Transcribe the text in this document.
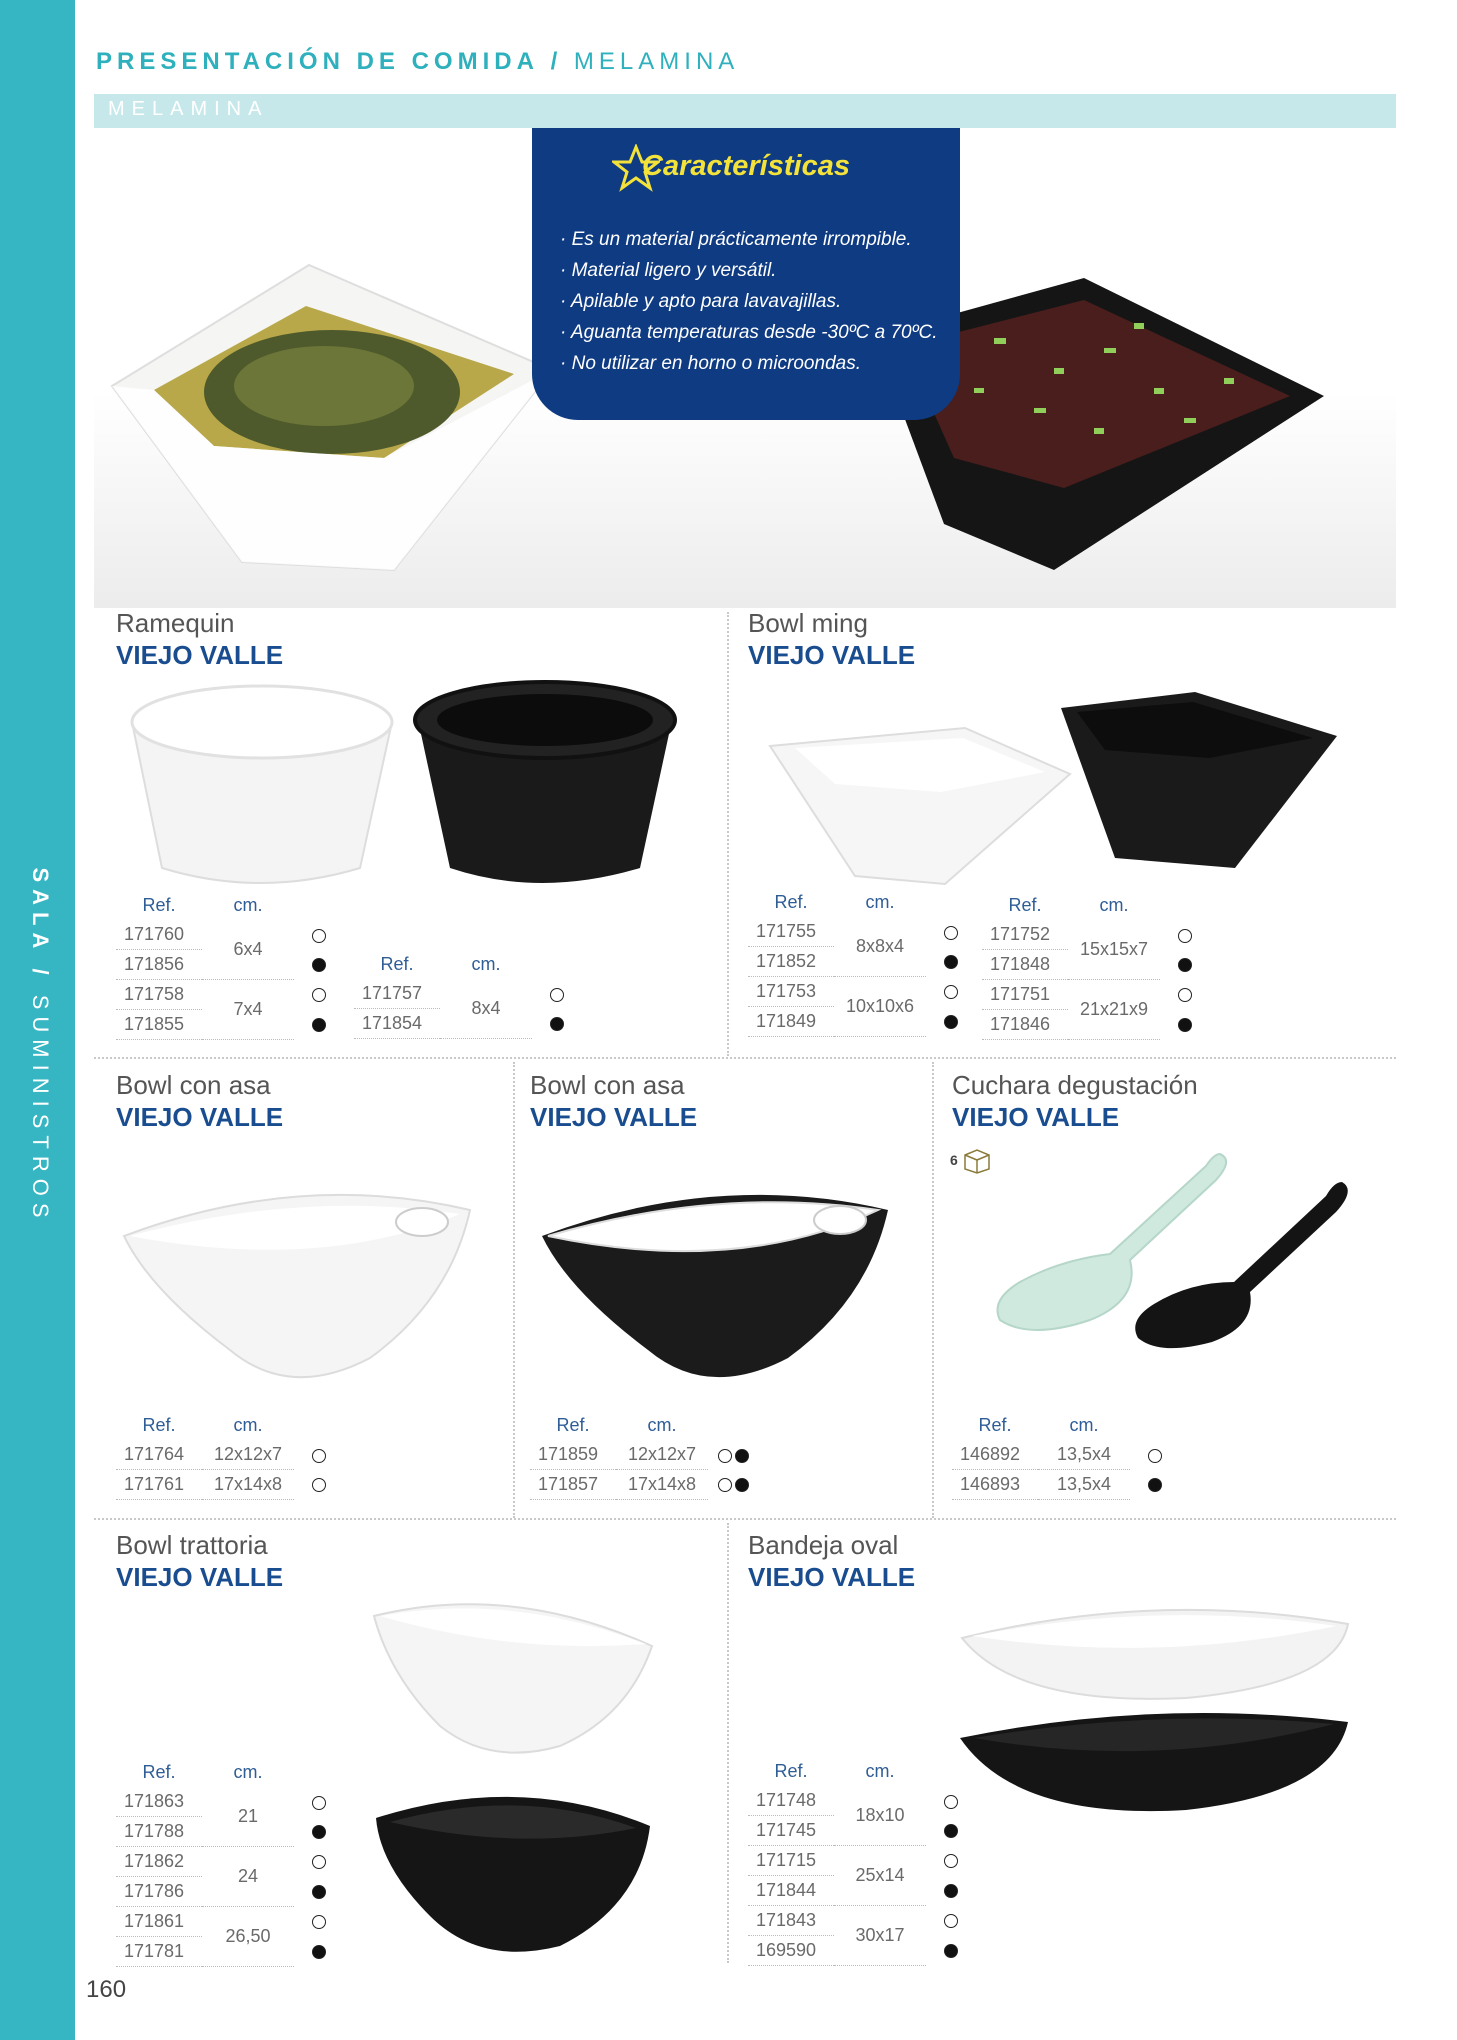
SALA / SUMINISTROS
PRESENTACIÓN DE COMIDA / MELAMINA
MELAMINA
Características
· Es un material prácticamente irrompible.
· Material ligero y versátil.
· Apilable y apto para lavavajillas.
· Aguanta temperaturas desde -30ºC a 70ºC.
· No utilizar en horno o microondas.
Ramequin
VIEJO VALLE
Ref.	cm.	
171760	6x4	
171856		
171758	7x4	
171855		
Ref.	cm.	
171757	8x4	
171854		
Bowl ming
VIEJO VALLE
Ref.	cm.	
171755	8x8x4	
171852		
171753	10x10x6	
171849		
Ref.	cm.	
171752	15x15x7	
171848		
171751	21x21x9	
171846		
Bowl con asa
VIEJO VALLE
Ref.	cm.	
171764	12x12x7	
171761	17x14x8	
Bowl con asa
VIEJO VALLE
Ref.	cm.	
171859	12x12x7	
171857	17x14x8	
Cuchara degustación
VIEJO VALLE
6
Ref.	cm.	
146892	13,5x4	
146893	13,5x4	
Bowl trattoria
VIEJO VALLE
Ref.	cm.	
171863	21	
171788		
171862	24	
171786		
171861	26,50	
171781		
Bandeja oval
VIEJO VALLE
Ref.	cm.	
171748	18x10	
171745		
171715	25x14	
171844		
171843	30x17	
169590		
160
